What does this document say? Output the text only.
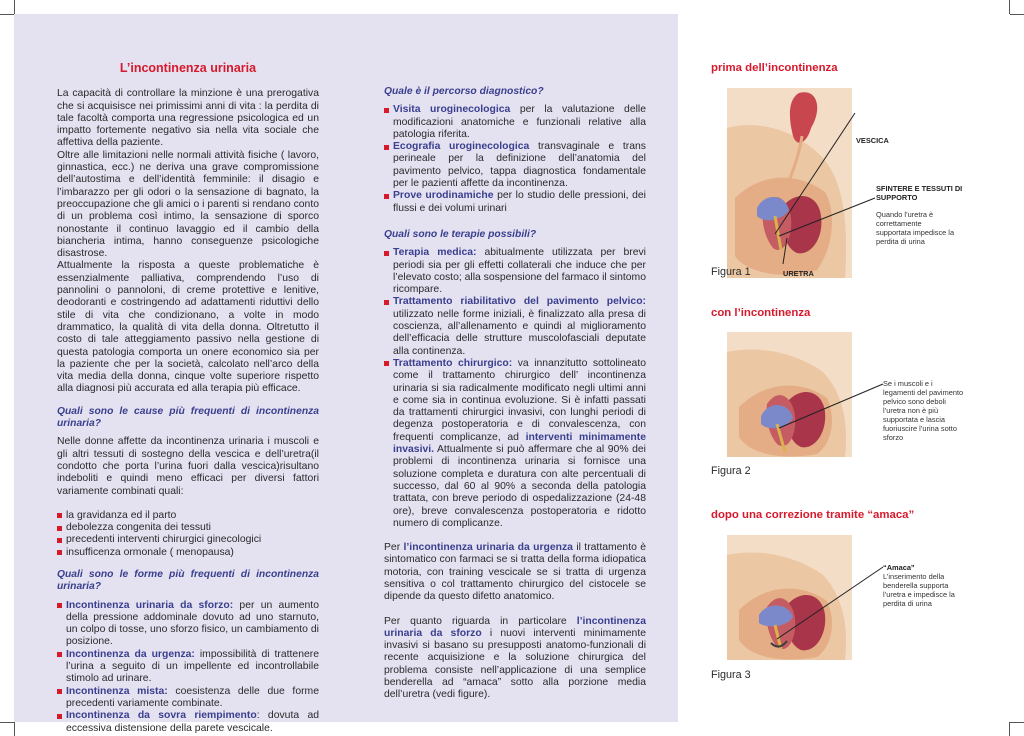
L’incontinenza urinaria

La capacità di controllare la minzione è una prerogativa che si acquisisce nei primissimi anni di vita : la perdita di tale facoltà comporta una regressione psicologica ed un impatto fortemente negativo sia nella vita sociale che affettiva della paziente.

Oltre alle limitazioni nelle normali attività fisiche ( lavoro, ginnastica, ecc.) ne deriva una grave compromissione dell’autostima e dell’identità femminile: il disagio e l’imbarazzo per gli odori o la sensazione di bagnato, la preoccupazione che gli amici o i parenti si rendano conto di un problema così intimo, la sensazione di sporco nonostante il continuo lavaggio ed il cambio della biancheria intima, hanno conseguenze psicologiche disastrose.

Attualmente la risposta a queste problematiche è essenzialmente palliativa, comprendendo l’uso di pannolini o pannoloni, di creme protettive e lenitive, deodoranti e costringendo ad adattamenti riduttivi dello stile di vita che condizionano, a volte in modo drammatico, la qualità di vita della donna. Oltretutto il costo di tale atteggiamento passivo nella gestione di questa patologia comporta un onere economico sia per la paziente che per la società, calcolato nell’arco della vita media della donna, cinque volte superiore rispetto alla diagnosi più accurata ed alla terapia più efficace.

Quali sono le cause più frequenti di incontinenza urinaria?

Nelle donne affette da incontinenza urinaria i muscoli e gli altri tessuti di sostegno della vescica e dell’uretra(il condotto che porta l’urina fuori dalla vescica)risultano indeboliti e quindi meno efficaci per diversi fattori variamente combinati quali:

la gravidanza ed il parto
debolezza congenita dei tessuti
precedenti interventi chirurgici ginecologici
insufficenza ormonale ( menopausa)

Quali sono le forme più frequenti di incontinenza urinaria?

Incontinenza urinaria da sforzo: per un aumento della pressione addominale dovuto ad uno starnuto, un colpo di tosse, uno sforzo fisico, un cambiamento di posizione.
Incontinenza da urgenza: impossibilità di trattenere l’urina a seguito di un impellente ed incontrollabile stimolo ad urinare.
Incontinenza mista: coesistenza delle due forme precedenti variamente combinate.
Incontinenza da sovra riempimento: dovuta ad eccessiva distensione della parete vescicale.

Quale è il percorso diagnostico?

Visita uroginecologica per la valutazione delle modificazioni anatomiche e funzionali relative alla patologia riferita.
Ecografia uroginecologica transvaginale e trans perineale per la definizione dell’anatomia del pavimento pelvico, tappa diagnostica fondamentale per le pazienti affette da incontinenza.
Prove urodinamiche per lo studio delle pressioni, dei flussi e dei volumi urinari

Quali sono le terapie possibili?

Terapia medica: abitualmente utilizzata per brevi periodi sia per gli effetti collaterali che induce che per l’elevato costo; alla sospensione del farmaco il sintomo ricompare.
Trattamento riabilitativo del pavimento pelvico: utilizzato nelle forme iniziali, è finalizzato alla presa di coscienza, all’allenamento e quindi al miglioramento dell’efficacia delle strutture muscolofasciali deputate alla continenza.
Trattamento chirurgico: va innanzitutto sottolineato come il trattamento chirurgico dell’ incontinenza urinaria si sia radicalmente modificato negli ultimi anni e come sia in continua evoluzione. Si è infatti passati da trattamenti chirurgici invasivi, con lunghi periodi di degenza postoperatoria e di convalescenza, con frequenti complicanze, ad interventi minimamente invasivi. Attualmente si può affermare che al 90% dei problemi di incontinenza urinaria si fornisce una soluzione completa e duratura con alte percentuali di successo, dal 60 al 90% a seconda della patologia trattata, con breve periodo di ospedalizzazione (24-48 ore), breve convalescenza postoperatoria e ridotto numero di complicanze.

Per l’incontinenza urinaria da urgenza il trattamento è sintomatico con farmaci se si tratta della forma idiopatica motoria, con training vescicale se si tratta di urgenza sensitiva o col trattamento chirurgico del cistocele se dipende da questo difetto anatomico.

Per quanto riguarda in particolare l’incontinenza urinaria da sforzo i nuovi interventi minimamente invasivi si basano su presupposti anatomo-funzionali di recente acquisizione e la soluzione chirurgica del problema consiste nell’applicazione di una semplice benderella ad “amaca” sotto alla porzione media dell’uretra (vedi figure).

prima dell’incontinenza
VESCICA
SFINTERE E TESSUTI DI SUPPORTO
Quando l’uretra è correttamente supportata impedisce la perdita di urina
URETRA
Figura 1
con l’incontinenza
Se i muscoli e i legamenti del pavimento pelvico sono deboli l’uretra non è più supportata e lascia fuoriuscire l’urina sotto sforzo
Figura 2
dopo una correzione tramite “amaca”
“Amaca”
L’inserimento della benderella supporta l’uretra e impedisce la perdita di urina
Figura 3
